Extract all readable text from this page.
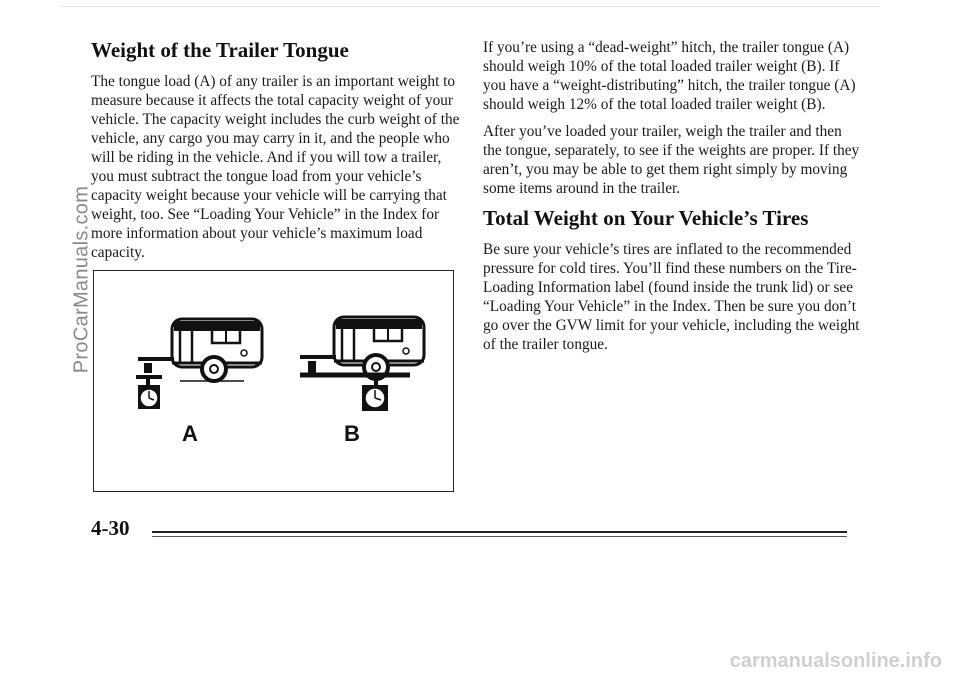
Weight of the Trailer Tongue

The tongue load (A) of any trailer is an important weight to measure because it affects the total capacity weight of your vehicle. The capacity weight includes the curb weight of the vehicle, any cargo you may carry in it, and the people who will be riding in the vehicle. And if you will tow a trailer, you must subtract the tongue load from your vehicle’s capacity weight because your vehicle will be carrying that weight, too. See “Loading Your Vehicle” in the Index for more information about your vehicle’s maximum load capacity.

A	B

If you’re using a “dead-weight” hitch, the trailer tongue (A) should weigh 10% of the total loaded trailer weight (B). If you have a “weight-distributing” hitch, the trailer tongue (A) should weigh 12% of the total loaded trailer weight (B).

After you’ve loaded your trailer, weigh the trailer and then the tongue, separately, to see if the weights are proper. If they aren’t, you may be able to get them right simply by moving some items around in the trailer.

Total Weight on Your Vehicle’s Tires

Be sure your vehicle’s tires are inflated to the recommended pressure for cold tires. You’ll find these numbers on the Tire-Loading Information label (found inside the trunk lid) or see “Loading Your Vehicle” in the Index. Then be sure you don’t go over the GVW limit for your vehicle, including the weight of the trailer tongue.

4-30
ProCarManuals.com
carmanualsonline.info
